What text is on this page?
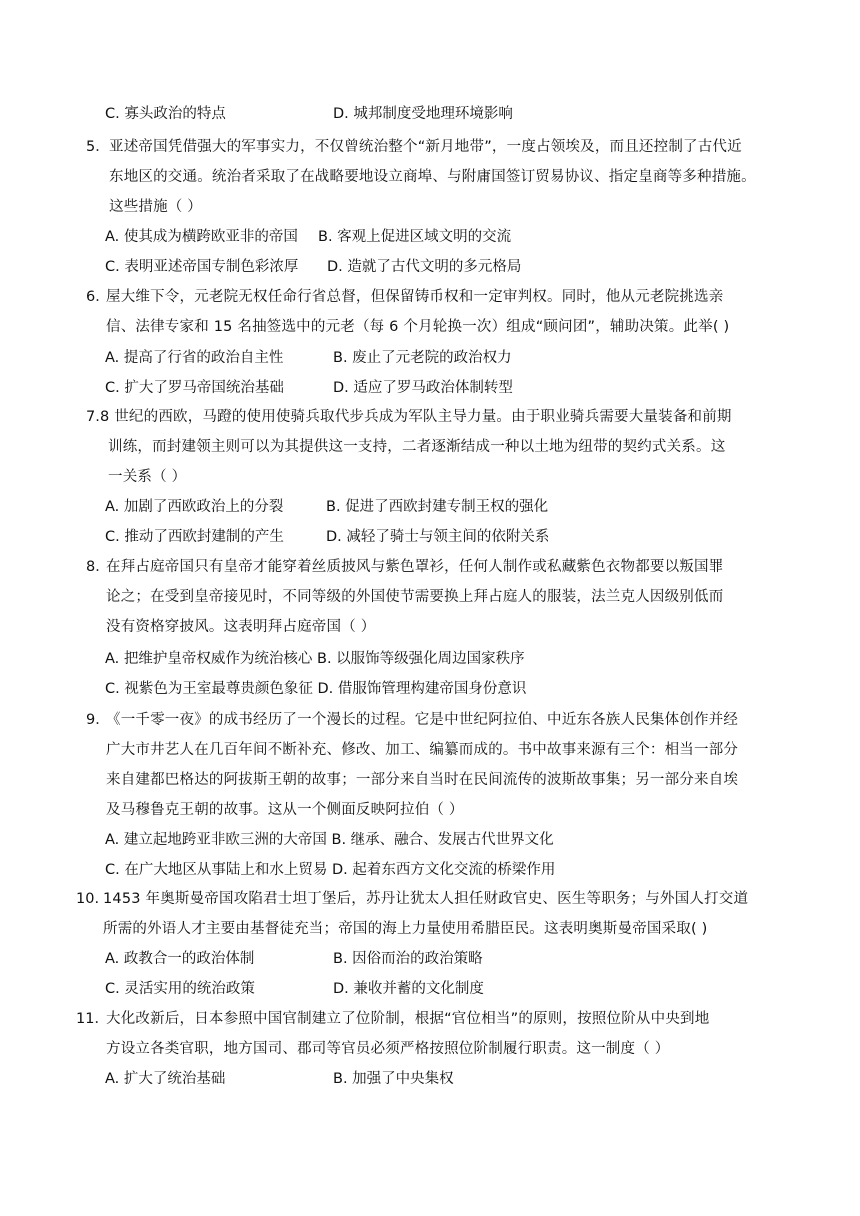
C. 寡头政治的特点	D. 城邦制度受地理环境影响
5． 亚述帝国凭借强大的军事实力，不仅曾统治整个“新月地带”，一度占领埃及，而且还控制了古代近
东地区的交通。统治者采取了在战略要地设立商埠、与附庸国签订贸易协议、指定皇商等多种措施。
这些措施（ ）
A. 使其成为横跨欧亚非的帝国 B. 客观上促进区域文明的交流
C. 表明亚述帝国专制色彩浓厚 D. 造就了古代文明的多元格局
6．
屋大维下令，元老院无权任命行省总督，但保留铸币权和一定审判权。同时，他从元老院挑选亲
信、法律专家和 15 名抽签选中的元老（每 6 个月轮换一次）组成“顾问团”，辅助决策。此举( )
A. 提高了行省的政治自主性	B. 废止了元老院的政治权力
C. 扩大了罗马帝国统治基础	D. 适应了罗马政治体制转型
7. 8 世纪的西欧，马蹬的使用使骑兵取代步兵成为军队主导力量。由于职业骑兵需要大量装备和前期
训练，而封建领主则可以为其提供这一支持，二者逐渐结成一种以土地为纽带的契约式关系。这
一关系（ ）
A. 加剧了西欧政治上的分裂	B. 促进了西欧封建专制王权的强化
C. 推动了西欧封建制的产生	D. 减轻了骑士与领主间的依附关系
8．
在拜占庭帝国只有皇帝才能穿着丝质披风与紫色罩衫，任何人制作或私藏紫色衣物都要以叛国罪
论之；在受到皇帝接见时，不同等级的外国使节需要换上拜占庭人的服装，法兰克人因级别低而
没有资格穿披风。这表明拜占庭帝国（ ）
A. 把维护皇帝权威作为统治核心 B. 以服饰等级强化周边国家秩序
C. 视紫色为王室最尊贵颜色象征 D. 借服饰管理构建帝国身份意识
9．
《一千零一夜》的成书经历了一个漫长的过程。它是中世纪阿拉伯、中近东各族人民集体创作并经
广大市井艺人在几百年间不断补充、修改、加工、编纂而成的。书中故事来源有三个：相当一部分
来自建都巴格达的阿拔斯王朝的故事；一部分来自当时在民间流传的波斯故事集；另一部分来自埃
及马穆鲁克王朝的故事。这从一个侧面反映阿拉伯（ ）
A. 建立起地跨亚非欧三洲的大帝国 B. 继承、融合、发展古代世界文化
C. 在广大地区从事陆上和水上贸易 D. 起着东西方文化交流的桥梁作用
10. 1453 年奥斯曼帝国攻陷君士坦丁堡后，苏丹让犹太人担任财政官史、医生等职务；与外国人打交道
所需的外语人才主要由基督徒充当；帝国的海上力量使用希腊臣民。这表明奥斯曼帝国采取( )
A. 政教合一的政治体制	B. 因俗而治的政治策略
C. 灵活实用的统治政策	D. 兼收并蓄的文化制度
11．
大化改新后，日本参照中国官制建立了位阶制，根据“官位相当”的原则，按照位阶从中央到地
方设立各类官职，地方国司、郡司等官员必须严格按照位阶制履行职责。这一制度（ ）
A. 扩大了统治基础	B. 加强了中央集权
